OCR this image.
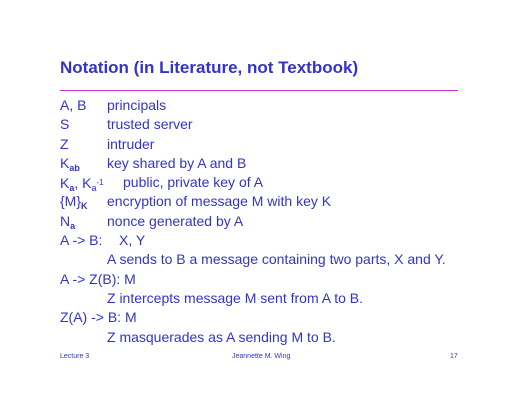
Notation (in Literature, not Textbook)
A, B principals
S	trusted server
Z	intruder
$K_{ab}$ key shared by A and B
$K_a$, $K_a^{-1}$ public, private key of A
$\{M\}_K$ encryption of message M with key K
$N_a$ nonce generated by A
A -> B: X, Y
A sends to B a message containing two parts, X and Y.
A -> Z(B): M
Z intercepts message M sent from A to B.
Z(A) -> B: M
Z masquerades as A sending M to B.
Lecture 3	Jeannette M. Wing	17
